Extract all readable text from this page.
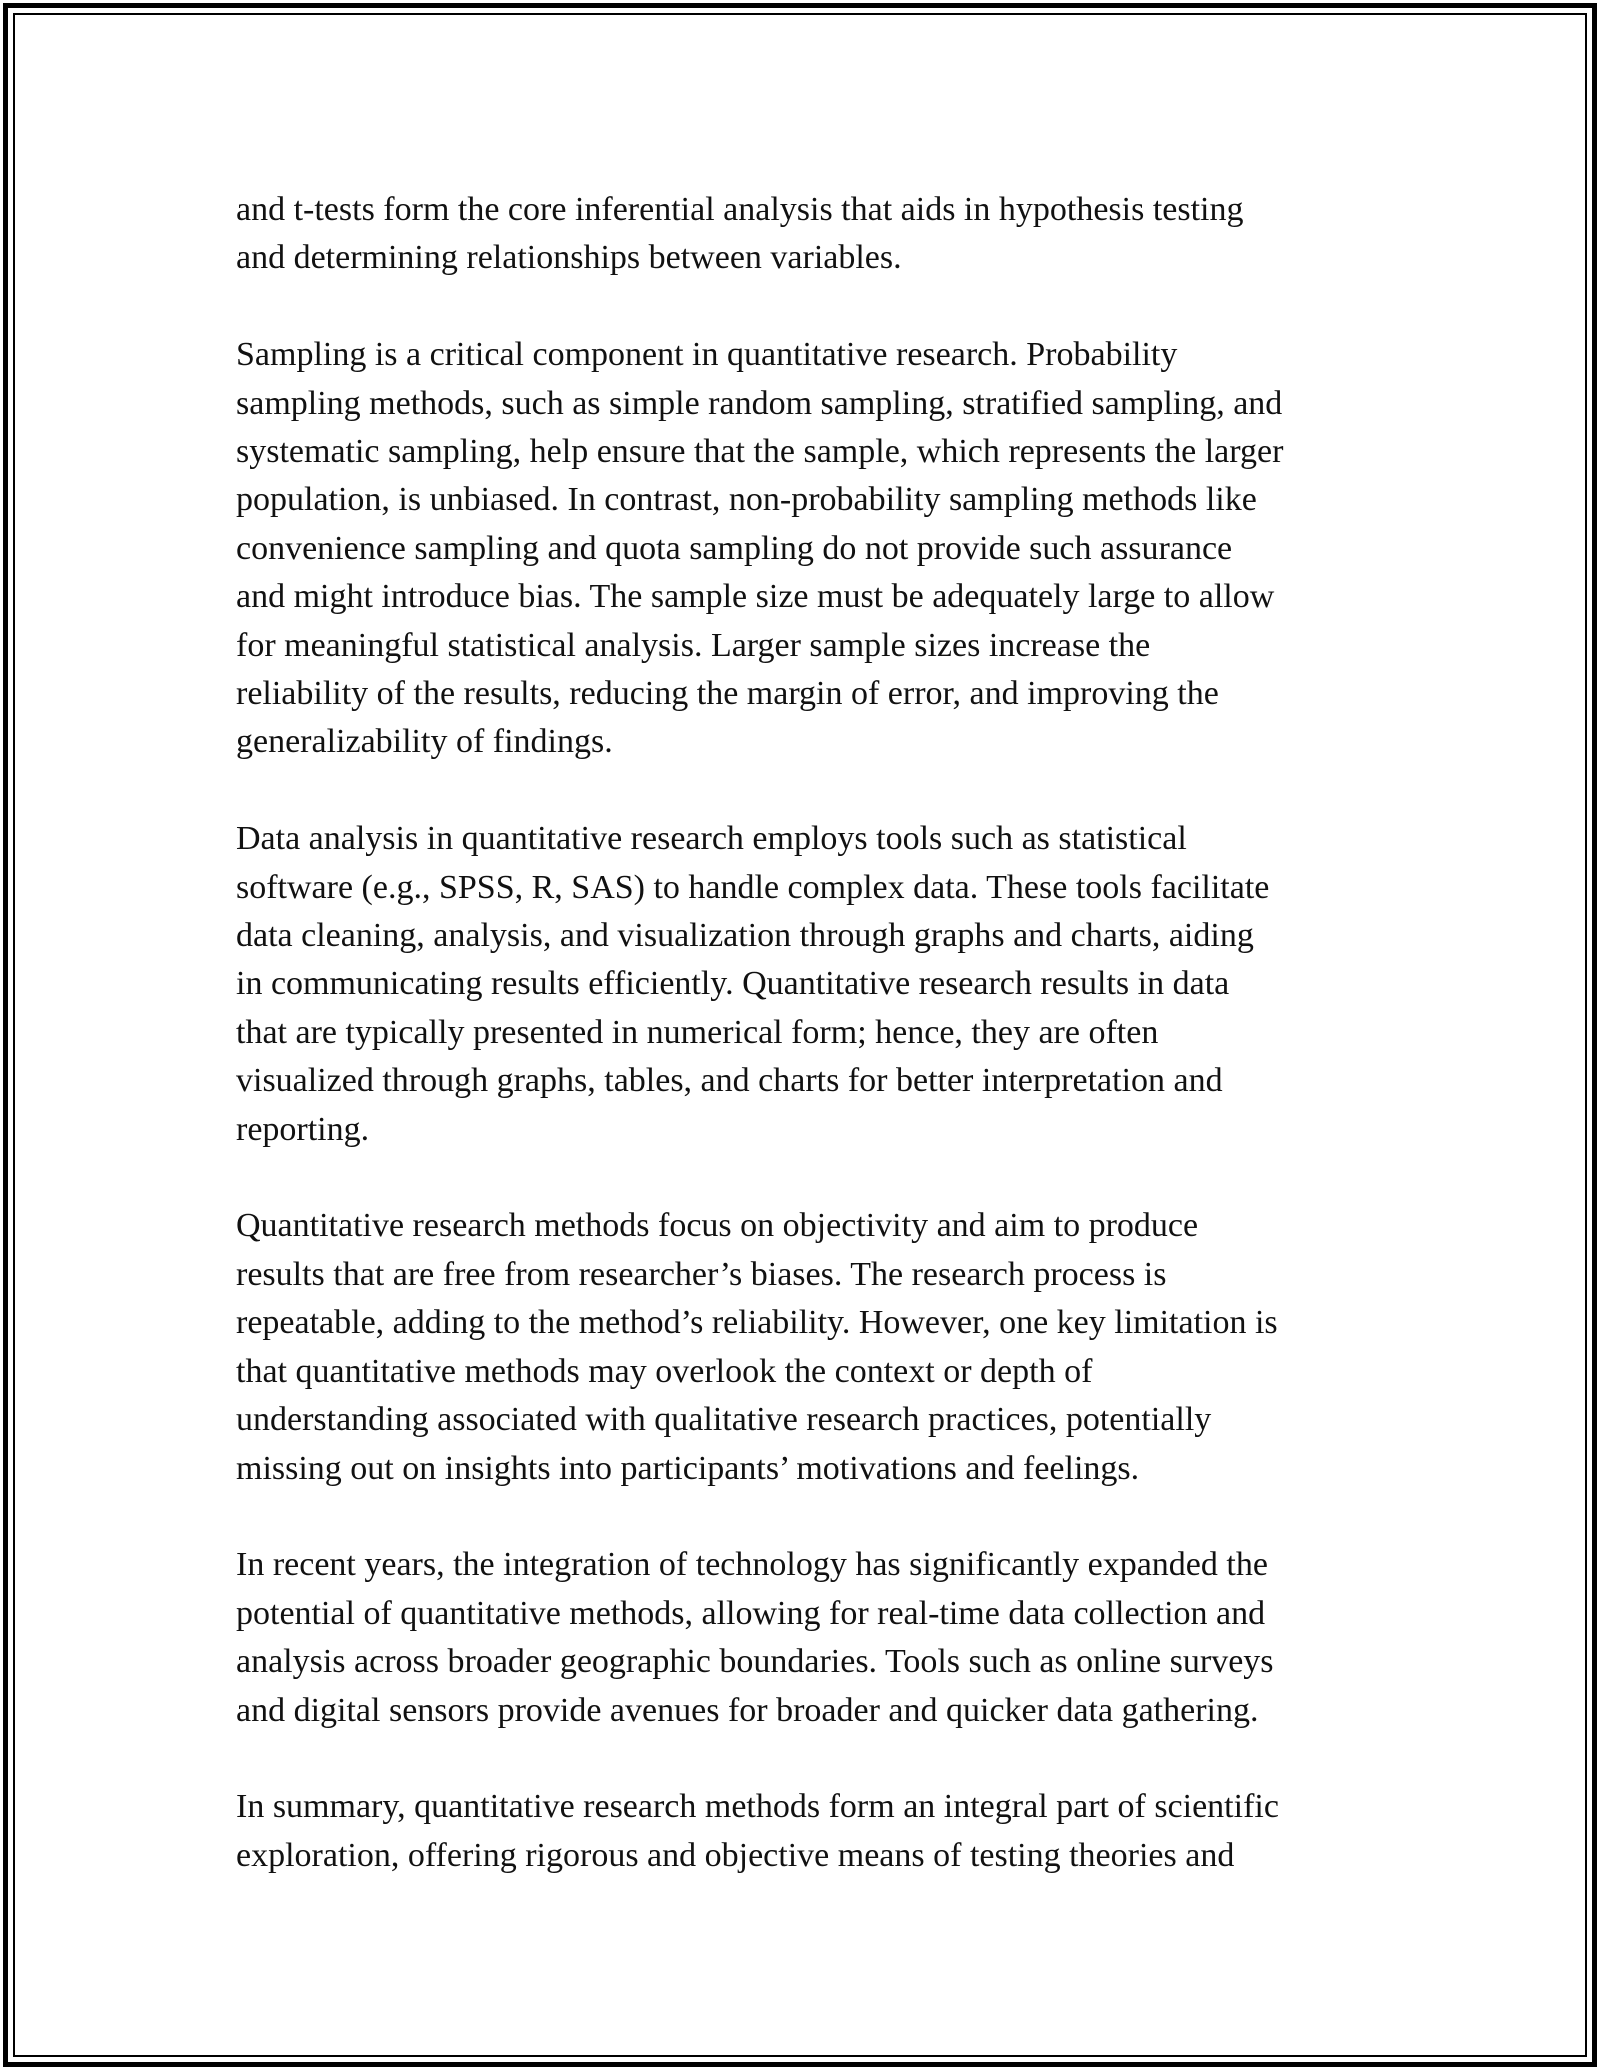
and t-tests form the core inferential analysis that aids in hypothesis testing
and determining relationships between variables.

Sampling is a critical component in quantitative research. Probability
sampling methods, such as simple random sampling, stratified sampling, and
systematic sampling, help ensure that the sample, which represents the larger
population, is unbiased. In contrast, non-probability sampling methods like
convenience sampling and quota sampling do not provide such assurance
and might introduce bias. The sample size must be adequately large to allow
for meaningful statistical analysis. Larger sample sizes increase the
reliability of the results, reducing the margin of error, and improving the
generalizability of findings.

Data analysis in quantitative research employs tools such as statistical
software (e.g., SPSS, R, SAS) to handle complex data. These tools facilitate
data cleaning, analysis, and visualization through graphs and charts, aiding
in communicating results efficiently. Quantitative research results in data
that are typically presented in numerical form; hence, they are often
visualized through graphs, tables, and charts for better interpretation and
reporting.

Quantitative research methods focus on objectivity and aim to produce
results that are free from researcher’s biases. The research process is
repeatable, adding to the method’s reliability. However, one key limitation is
that quantitative methods may overlook the context or depth of
understanding associated with qualitative research practices, potentially
missing out on insights into participants’ motivations and feelings.

In recent years, the integration of technology has significantly expanded the
potential of quantitative methods, allowing for real-time data collection and
analysis across broader geographic boundaries. Tools such as online surveys
and digital sensors provide avenues for broader and quicker data gathering.

In summary, quantitative research methods form an integral part of scientific
exploration, offering rigorous and objective means of testing theories and
